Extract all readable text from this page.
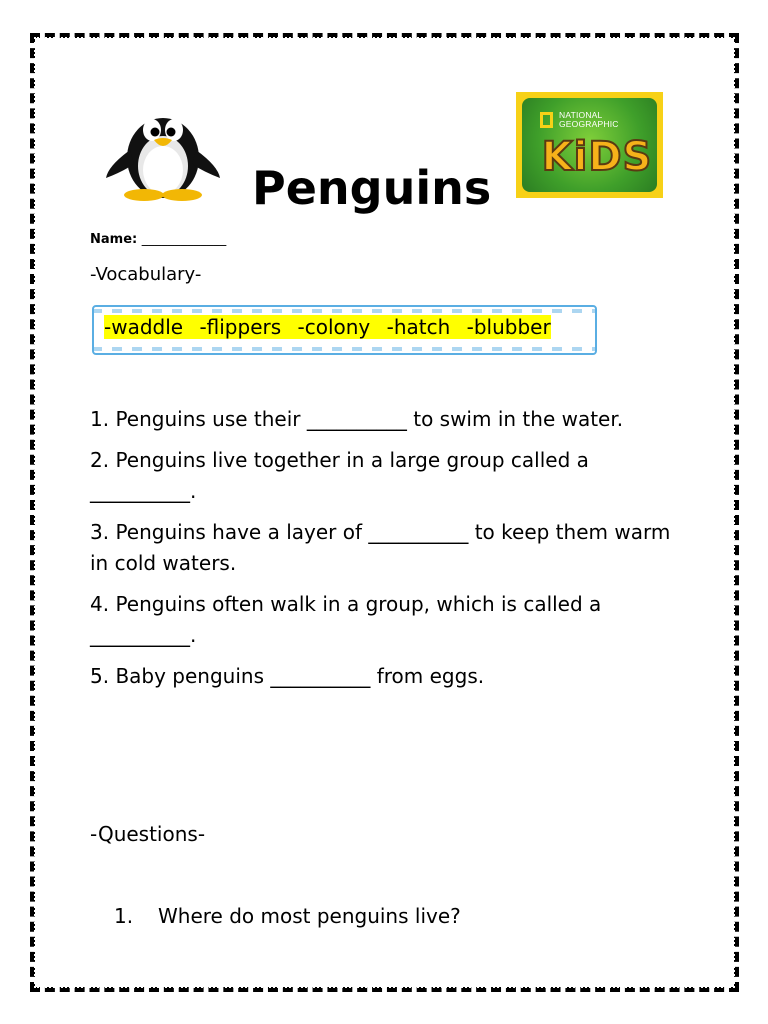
Penguins
NATIONAL GEOGRAPHIC
KiDS

Name: _____________

-Vocabulary-

-waddle -flippers -colony -hatch -blubber

1. Penguins use their __________ to swim in the water.
2. Penguins live together in a large group called a __________.
3. Penguins have a layer of __________ to keep them warm in cold waters.
4. Penguins often walk in a group, which is called a __________.
5. Baby penguins __________ from eggs.

-Questions-

1. Where do most penguins live?
